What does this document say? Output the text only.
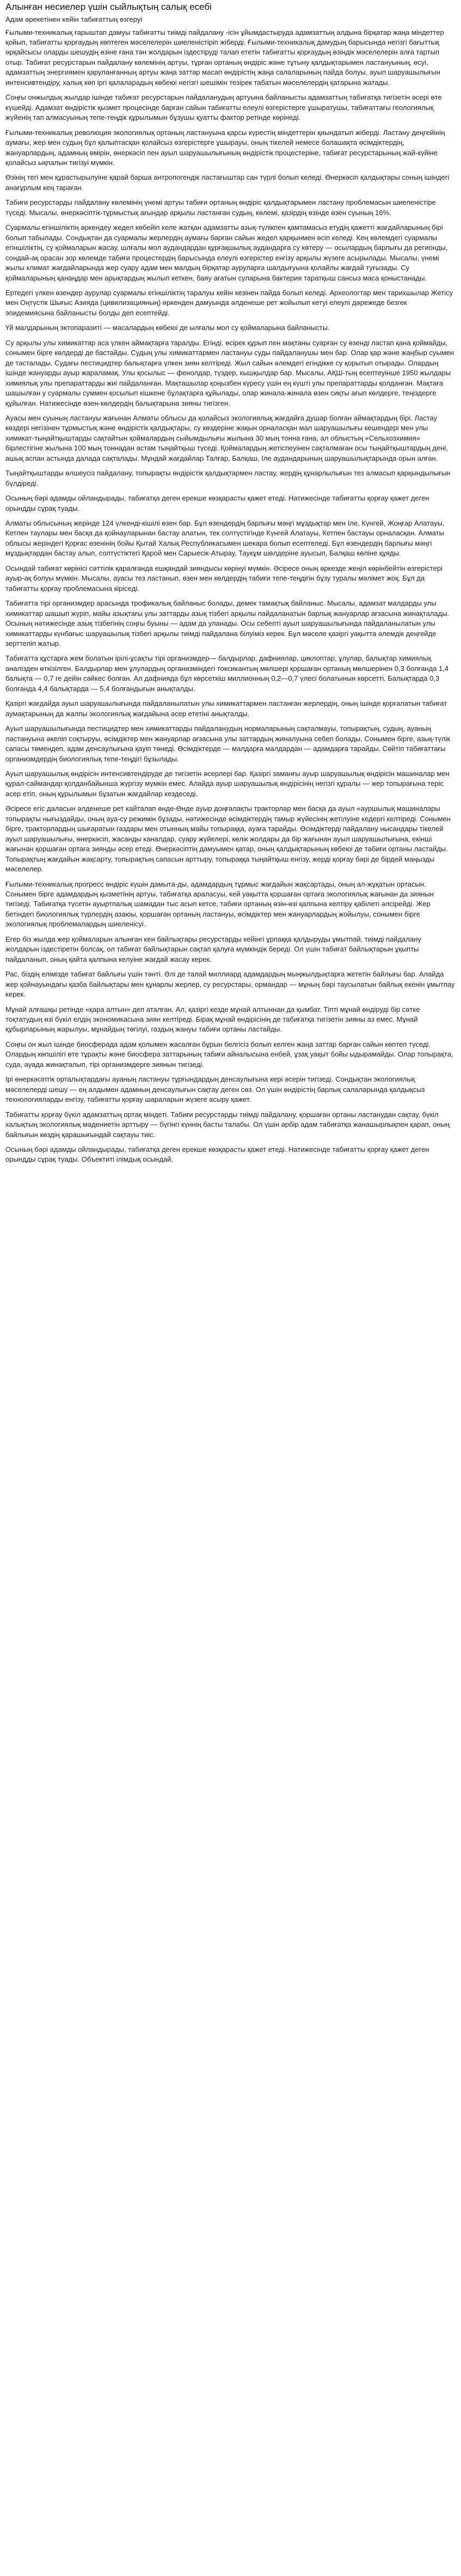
Алынған несиелер үшін сыйлықтың салық есебі
Адам әрекетінен кейін табиғаттың өзгеруі

Ғылыми-техникалық ғарыштап дамуы табиғатты тиімді пайдалану -ісін ұйымдастыруда адамзаттың алдына бірқатар жаңа міндеттер қойып, табиғатты қорғаудың көптеген мәселелерін шиеленістіріп жіберді. Ғылыми-техникалық дамудың барысында негізгі бағыттық әрқайсысы оларды шешудің өзіне ғана тән жолдарын іздестіруді талап ететін табиғатты қорғаудың өзіндік мәселелерін алға тартып отыр. Табиғат ресурстарын пайдалану көлемінің артуы, тұрған ортаның өндіріс және тұтыну қалдықтарымен ластануының, өсуі, адамзаттың энергиямен қаруланғанның артуы жаңа заттар масап өндірістің жаңа салаларының пайда болуы, ауып шаруашылығын интенсивтендіру, халық көп іргі қалаларадың көбеюі негізгі шешімін тезірек табатын мәселелердің қатарына жатады.

Соңғы онжылдық жылдар ішінде табиғат ресурстарын пайдаланудың артуына байланысты адамзаттың табиғатқа тигізетін әсері өте күшейді. Адамзат өндірістік қызмет процесінде барған сайын табиғатты елеулі өзгерістерге ұшыратушы, табиғаттағы геологиялық жүйенің тап алмасуының тепе-теңдік құрылымын бұзушы қуатты фактор ретінде көрінеді.

Ғылыми-техникалық революция экологиялық ортаның ластануына қарсы күрестің міндеттерін қиындатып жіберді. Ластану деңгейінің аумағы, жер мен судың бұл қалыптасқан қолайсыз өзгерістерге ұшырауы, оның тікелей немесе болашақта өсімдіктердің, жануарлардың, адамның өмірін, өнеркәсіп пен ауыл шаруашылығының өндірістік процестеріне, табиғат ресурстарының жай-күйіне қолайсыз ықпалын тигізуі мүмкін.

Өзінің тегі мен құрастырылуіне қарай барша антропогендік ластағыштар сан түрлі болып келеді. Өнеркәсіп қалдықтары соның ішіндегі анағұрлым кең тараған.

Табиғи ресурстарды пайдалану көлемінің үнемі артуы табиғи ортаның өндіріс қалдықтарымен ластану проблемасын шиеленістіре түседі. Мысалы, өнеркәсіптік-тұрмыстық ағындар арқылы ластанған судың, көлемі, қазірдің өзінде өзен суының 16%.

Суармалы егіншіліктің әркендеу жедел көбейіп келе жатқан адамзатты азық-түлікпен қамтамасыз етудің қажетті жағдайларының бірі болып табылады. Сондықтан да суармалы жерлердің аумағы барған сайын жедел қарқынмен өсіп келеді. Кең көлемдегі суармалы егіншіліктің, су қоймаларын жасау, шлғалы мол аудандардан құрғақшылық аудандарға су көтеру — осылардың барлығы да регионды, сондай-ақ орасан зор көлемде табиғи процестердің барысында елеулі өзгерістер енгізу арқылы жүзеге асырылады. Мысалы, үнемі жылы климат жағдайларында жер суару адам мен малдың бірқатар ауруларға шалдығуына қолайлы жағдай туғызады. Су қоймаларының қанаңдар мен арықтардың жылып кеткен, баяу ағатын суларына бактерия таратқыш сансыз маса қоныстанады.

Ертедегі үлкен өзендер аурулар суармалы егіншіліктің таралуы кейін кезінен пайда болып келеді. Археологтар мен тарихшылар Жетісу мен Оңтүстік Шығыс Азияда (цивилизацияның) өркенден дамуында әлденеше рет жойылып кетуі елеулі дәрежеде безгек эпидемиясына байланысты болды деп есептейді.

Үй малдарының эктопаразиті — масалардың көбеюі де ылғалы мол су қоймаларына байланысты.

Су арқылы улы химикаттар аса үлкен аймақтарға таралды. Егінді, өсірек құрып пен мақтаны суарған су өзенді ластап қана қоймайды, сонымен бірге көлдерді де бастайды. Судың улы химикаттармен ластануы суды пайдаланушы мен бар. Олар қар және жаңбыр суымен де тасталады. Судағы пестицидтер балықтарға үлкен зиян келтіреді. Жыл сайын әлемдегі егіндікке су қорытып отырады. Олардың ішінде жануарды ауыр жараламақ. Улы қосылыс — фенолдар, түздер, кышқылдар бар. Мысалы, АҚШ-тың есептеуінше 1950 жылдары химиялық улы препараттарды жиі пайдаланған. Мақташылар қоңызбен күресу үшін ең күшті улы препараттарды қолданған. Мақтаға шашылған у суармалы суммен қосылып кішкене бұлақтарға құйылады, олар жинала-жинала өзен сиқты ағып көлдерге, теңіздерге құйылған. Натижесінде өзен-көлдердің балықтарына зияны тигізген.

Ауасы мен суының ластануы жағынан Алматы облысы да қолайсыз экологиялық жағдайға душар болған аймақтардың бірі. Ластау көздері негізінен тұрмыстық және өндірістік қалдықтары, су көздеріне жақын орналасқан мал шаруашылығы кешендері мен улы химикат-тыңайтқыштарды сақтайтын қоймалардың сыйымдылығы жылына 30 мың тонна ғана, ал облыстың «Сельхозхимия» бірлестігіне жылына 100 мың тоннадан астам тыңайтқыш түседі. Қоймалардың жетіспеуінен сақталмаған осы тыңайтқыштардың дені, ашық аспан астында далада сақталады. Мұндай жағдайлар Талғар, Балқаш, Іле аудандарының шаруашылықтарында орын алған.

Тыңайтқыштарды өлшеусіз пайдалану, топырақты өндірістік қалдықтармен ластау, жердің құнарлылығын тез алмасып қарқындылығын бүлдіреді.

Осының бәрі адамды ойландырады, табиғатқа деген ерекше көзқарасты қажет етеді. Натижесінде табиғатты қорғау қажет деген орындды сұрақ туады.

Алматы облысының жерінде 124 үлкенді-кішілі өзен бар. Бұл өзендердің барлығы мәңгі мұздықтар мен Іле, Күнгей, Жоңғар Алатауы, Кетпен таулары мен басқа да қойнауларынан бастау алатын, тек солтүстігінде Күнгей Алатауы, Кетпен бастауы орналасқан. Алматы облысы жеріндегі Қорғас өзенінің бойы Қытай Халық Республикасымен шекара болып есептеледі. Бұл өзендердің барлығы мәңгі мұздықтардан бастау алып, солтүстіктегі Қарой мен Сарыесік-Атырау, Таукұм шөлдеріне ауысып, Балқаш көліне құяды.

Осындай табиғат көрінісі сәттілік қаралғанда ешқандай зияндысы көрінуі мүмкін. Әсіресе оның әркезде жеңіл көрінбейтін өзгерістері ауыр-ақ болуы мүмкін. Мысалы, ауасы тез ластанып, өзен мен көлдердің табиғи тепе-теңдігін бұзу туралы мәлімет жоқ. Бұл да табиғатты қорғау проблемасына кіріседі.

Табиғатта тірі организмдер арасында трофикалық байланыс болады, демек тамақтық байланыс. Мысалы, адамзат малдарды улы химикаттар шашып жүріп, майы азықтағы улы заттарды азық тізбегі арқылы пайдаланатын барлық жануарлар ағзасына жинақталады. Осының нәтижесінде азық тізбегінің соңғы буыны — адам да уланады. Осы себепті ауыл шаруашылығында пайдаланылатын улы химикаттарды күнбағыс шаруашылық тізбегі арқылы тиімді пайдалана білуіміз керек. Бұл мәселе қазіргі уақытта әлемдік деңгейде зерттеліп жатыр.

Табиғатта құстарға жем болатын ірілі-ұсақты тірі организмдер— балдырлар, дафниялар, циклоптар, ұлулар, балықтар химиялық аналізден өткізілген. Балдырлар мен ұлулардың организміндегі токсикантың мөлшері қоршаған ортаның мөлшерінен 0,3 болғанда 1,4 балықта — 0,7 ге дейін сәйкес болған. Ал дафнияда бұл көрсеткіш миллионның 0,2—0,7 үлесі болатынын көрсетті. Балықтарда 0,3 болғанда 4,4 балықтарда — 5,4 болғандығын анықталды.

Қазіргі жағдайда ауыл шаруашылығында пайдаланылатын улы химикаттармен ластанған жерлердің, оның ішінде қорғалатын табиғат аумақтарының да жалпы экологиялық жағдайына әсер ететіні анықталды.

Ауыл шаруашылығында пестицидтер мен химикаттарды пайдаланудың нормаларының сақталмауы, топырақтың, судың, ауаның ластануына әкеліп соқтыруы, өсімдіктер мен жануарлар ағзасына улы заттардың жиналуына себеп болады. Сонымен бірге, азық-түлік сапасы төмендеп, адам денсаулығына қауіп төнеді. Өсімдіктерде — малдарға малдардан — адамдарға тарайды. Сөйтіп табиғаттағы организмдердің биологиялық тепе-теңдігі бұзылады.

Ауыл шаруашылық өндірісін интенсивтендіруде де тигізетін әсерлері бар. Қазіргі заманғы ауыр шаруашылық өндірісін машиналар мен құрал-саймандар қолданбайынша жүргізу мүмкін емес. Алайда ауыр шаруашылық өндірісінің негізгі құралы — жер топырағына теріс әсер етіп, оның құрылымын бұзатын жағдайлар кездеседі.

Әсіресе егіс даласын әлденеше рет кайталап өнде-Өнде ауыр доңғалақты тракторлар мен басқа да ауыл «ауршылық машиналары топырақты нығыздайды, оның ауа-су режимін бұзады, нәтижесінде өсімдіктердің тамыр жүйесінің жетілуіне кедергі келтіреді. Сонымен бірге, тракторлардың шығаратын газдары мен отынның майы топыраққа, ауаға тарайды. Өсімдіктерді пайдалану нысандары тікелей ауыл шаруашылығы, өнеркәсіп, жасанды каналдар, суару жүйелері, көлік жолдары да бір жағынан ауыл шаруашылығына, екінші жағынан қоршаған ортаға зиянды әсер етеді. Өнеркәсіптің дамуымен қатар, оның қалдықтарының көбеюі де табиғи ортаны ластайды. Топырақтың жағдайын жақсарту, топырақтың сапасын арттыру, топыраққа тыңайтқыш енгізу, жерді қорғау бәрі де бірдей маңызды мәселелер.

Ғылыми-техникалық прогресс өндіріс күшін дамыта-ды, адамдардың тұрмыс жағдайын жақсартады, оның ал-жұқатын ортасын. Сонымен бірге адамдардың қызметінің артуы, табиғатқа араласуы, кей уақытта қоршаған ортаға экологиялық жағынан да зиянын тигізеді. Табиғатқа түсетін ауыртпалық шамадан тыс асып кетсе, табиғи ортаның өзін-өзі қалпына келтіру қабілеті әлсірейді. Жер бетіндегі биологиялық түрлердің азаюы, қоршаған ортаның ластануы, өсімдіктер мен жануарлардың жойылуы, сонымен бірге экологиялық проблемалардың шиеленісуі.

Егер біз жылда жер қоймаларын алынған кен байлықтары ресурстарды кейінгі ұрпаққа қалдыруды ұмытпай, тиімді пайдалану жолдарын іздестіретін болсақ, ол табиғат байлықтарын сақтап қалуға мүмкіндік береді. Ол үшін табиғат байлықтарын ұқыпты пайдаланып, оның қайта қалпына келуіне жағдай жасау керек.

Рас, біздің елімізде табиғат байлығы үшін тәнті. Әлі де талай миллиард адамдардың мыңжылдықтарға жететін байлығы бар. Алайда жер қойнауындағы қазба байлықтары мен құнарлы жерлер, су ресурстары, ормандар — мұның бәрі таусылатын байлық екенін ұмытпау керек.

Мұнай алғашқы ретінде «қара алтын» деп аталған. Ал, қазіргі кезде мұнай алтыннан да қымбат. Тіпті мұнай өндіруді бір сәтке тоқтатудың өзі бүкіл елдің экономикасына зиян келтіреді. Бірақ мұнай өндірісінің де табиғатқа тигізетін зияны аз емес. Мұнай құбырларының жарылуы, мұнайдың төгілуі, газдың жануы табиғи ортаны ластайды.

Соңғы он жыл ішінде биосферада адам қолымен жасалған бұрын белгісіз болып келген жаңа заттар барған сайын көптеп түседі. Олардың көпшілігі өте тұрақты және биосфера заттарының табиғи айналысына енбей, ұзақ уақыт бойы ыдырамайды. Олар топырақта, суда, ауада жинақталып, тірі организмдерге зиянын тигізеді.

Ірі өнеркәсіптік орталықтардағы ауаның ластануы тұрғындардың денсаулығына кері әсерін тигізеді. Сондықтан экологиялық мәселелерді шешу — ең алдымен адамның денсаулығын сақтау деген сөз. Ол үшін өндірістің барлық салаларында қалдықсыз технологияларды енгізу, табиғатты қорғау шараларын жүзеге асыру қажет.

Табиғатты қорғау бүкіл адамзаттың ортақ міндеті. Табиғи ресурстарды тиімді пайдалану, қоршаған ортаны ластанудан сақтау, бүкіл халықтың экологиялық мәдениетін арттыру — бүгінгі күннің басты талабы. Ол үшін әрбір адам табиғатқа жанашырлықпен қарап, оның байлығын көздің қарашығындай сақтауы тиіс.

Осының бәрі адамды ойландырады, табиғатқа деген ерекше көзқарасты қажет етеді. Натижесінде табиғатты қорғау қажет деген орындды сұрақ туады. Объектиті ілімдық осындай.
